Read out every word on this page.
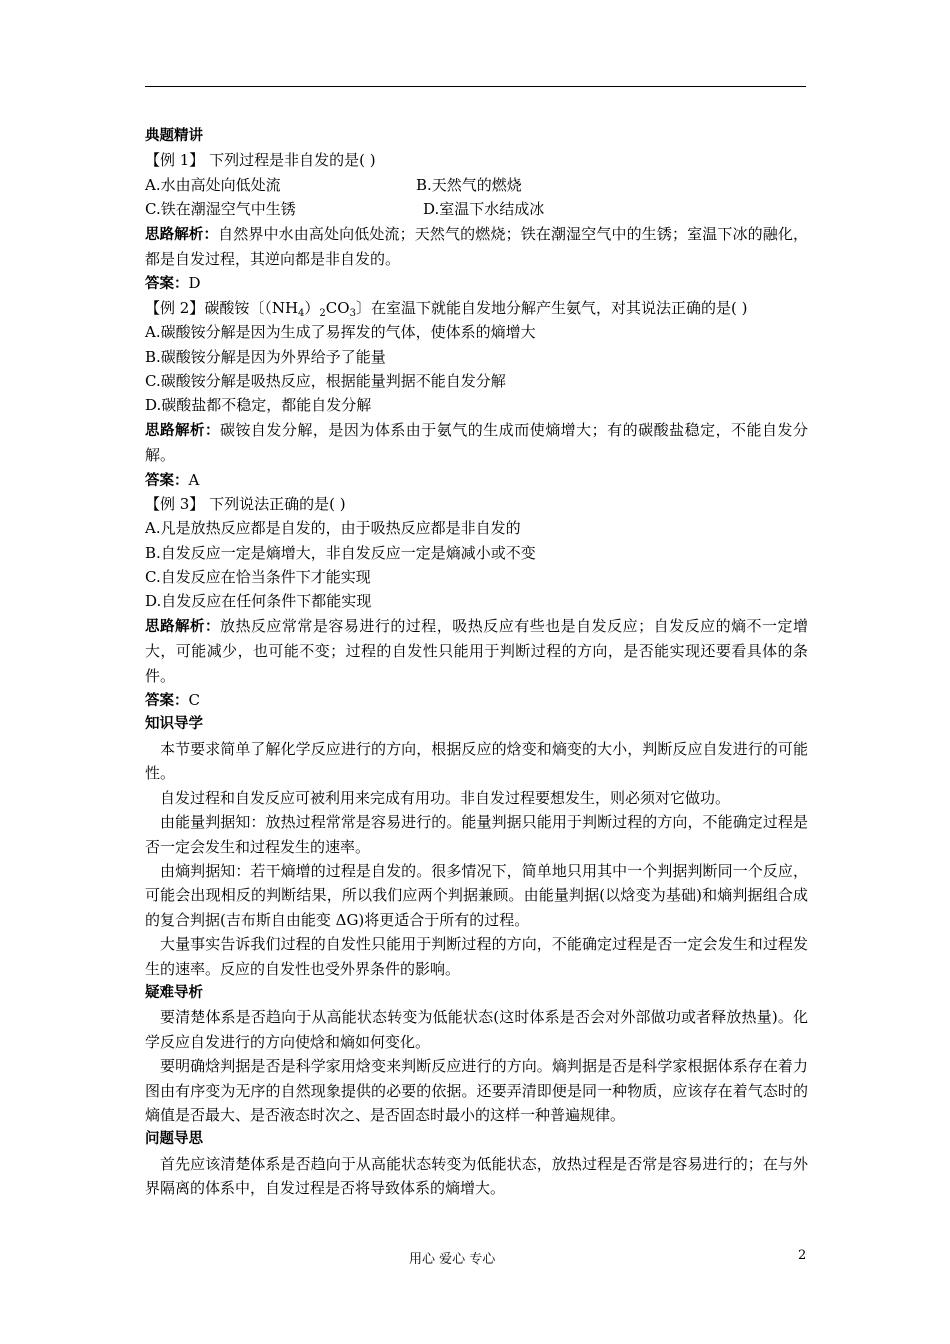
典题精讲
【例 1】 下列过程是非自发的是( )
A.水由高处向低处流	B.天然气的燃烧
C.铁在潮湿空气中生锈	D.室温下水结成冰
思路解析：自然界中水由高处向低处流；天然气的燃烧；铁在潮湿空气中的生锈；室温下冰的融化，都是自发过程，其逆向都是非自发的。
答案：D
【例 2】碳酸铵〔$(NH_4)_2CO_3$〕在室温下就能自发地分解产生氨气，对其说法正确的是( )
A.碳酸铵分解是因为生成了易挥发的气体，使体系的熵增大
B.碳酸铵分解是因为外界给予了能量
C.碳酸铵分解是吸热反应，根据能量判据不能自发分解
D.碳酸盐都不稳定，都能自发分解
思路解析：碳铵自发分解，是因为体系由于氨气的生成而使熵增大；有的碳酸盐稳定，不能自发分解。
答案：A
【例 3】 下列说法正确的是( )
A.凡是放热反应都是自发的，由于吸热反应都是非自发的
B.自发反应一定是熵增大，非自发反应一定是熵减小或不变
C.自发反应在恰当条件下才能实现
D.自发反应在任何条件下都能实现
思路解析：放热反应常常是容易进行的过程，吸热反应有些也是自发反应；自发反应的熵不一定增大，可能减少，也可能不变；过程的自发性只能用于判断过程的方向，是否能实现还要看具体的条件。
答案：C
知识导学
本节要求简单了解化学反应进行的方向，根据反应的焓变和熵变的大小，判断反应自发进行的可能性。
自发过程和自发反应可被利用来完成有用功。非自发过程要想发生，则必须对它做功。
由能量判据知：放热过程常常是容易进行的。能量判据只能用于判断过程的方向，不能确定过程是否一定会发生和过程发生的速率。
由熵判据知：若干熵增的过程是自发的。很多情况下，简单地只用其中一个判据判断同一个反应，可能会出现相反的判断结果，所以我们应两个判据兼顾。由能量判据(以焓变为基础)和熵判据组合成的复合判据(吉布斯自由能变 ΔG)将更适合于所有的过程。
大量事实告诉我们过程的自发性只能用于判断过程的方向，不能确定过程是否一定会发生和过程发生的速率。反应的自发性也受外界条件的影响。
疑难导析
要清楚体系是否趋向于从高能状态转变为低能状态(这时体系是否会对外部做功或者释放热量)。化学反应自发进行的方向使焓和熵如何变化。
要明确焓判据是否是科学家用焓变来判断反应进行的方向。熵判据是否是科学家根据体系存在着力图由有序变为无序的自然现象提供的必要的依据。还要弄清即便是同一种物质，应该存在着气态时的熵值是否最大、是否液态时次之、是否固态时最小的这样一种普遍规律。
问题导思
首先应该清楚体系是否趋向于从高能状态转变为低能状态，放热过程是否常是容易进行的；在与外界隔离的体系中，自发过程是否将导致体系的熵增大。
用心 爱心 专心	2
